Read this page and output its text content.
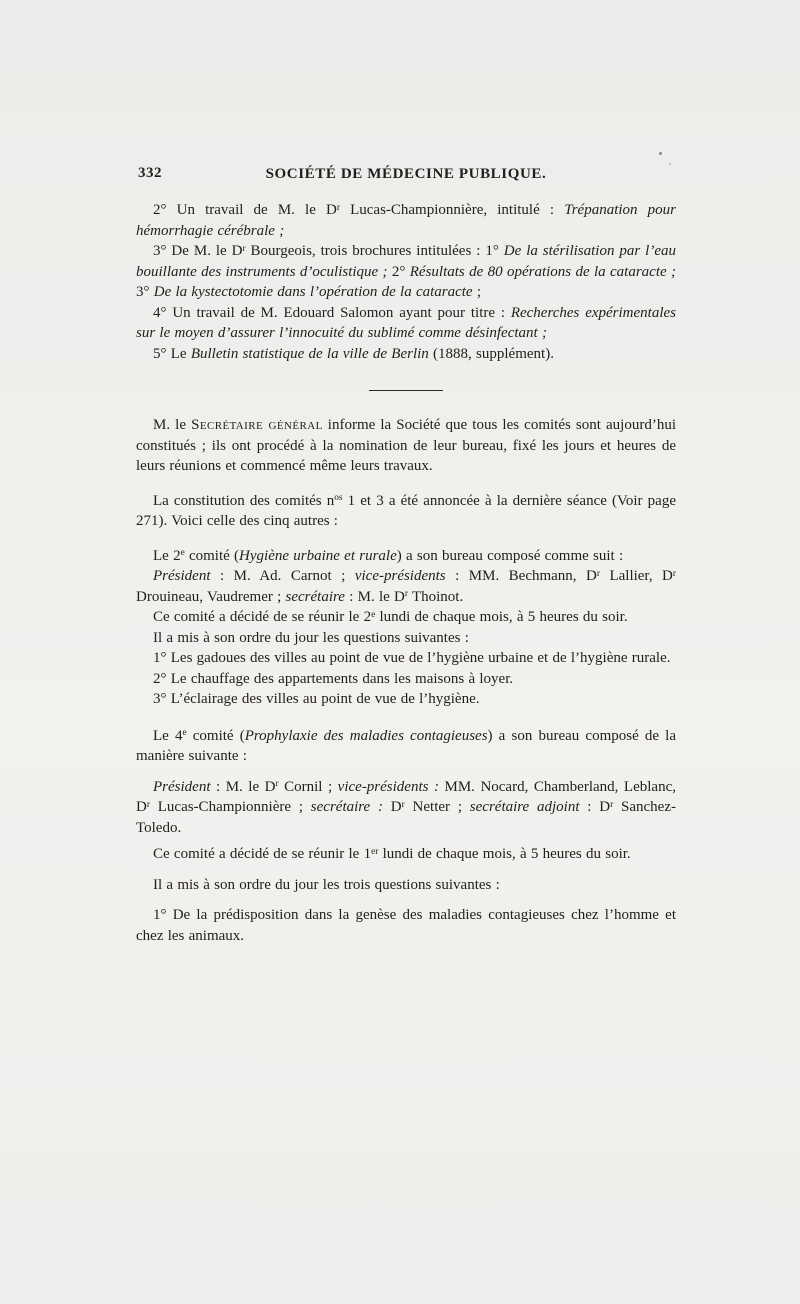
332	SOCIÉTÉ DE MÉDECINE PUBLIQUE.

2° Un travail de M. le $D^r$ Lucas-Championnière, intitulé : Trépanation pour hémorrhagie cérébrale ;

3° De M. le $D^r$ Bourgeois, trois brochures intitulées : 1° De la stérilisation par l’eau bouillante des instruments d’oculistique ; 2° Résultats de 80 opérations de la cataracte ; 3° De la kystectotomie dans l’opération de la cataracte ;

4° Un travail de M. Edouard Salomon ayant pour titre : Recherches expérimentales sur le moyen d’assurer l’innocuité du sublimé comme désinfectant ;

5° Le Bulletin statistique de la ville de Berlin (1888, supplément).

M. le Secrétaire général informe la Société que tous les comités sont aujourd’hui constitués ; ils ont procédé à la nomination de leur bureau, fixé les jours et heures de leurs réunions et commencé même leurs travaux.

La constitution des comités $n^{os}$ 1 et 3 a été annoncée à la dernière séance (Voir page 271). Voici celle des cinq autres :

Le 2e comité (Hygiène urbaine et rurale) a son bureau composé comme suit :

Président : M. Ad. Carnot ; vice-présidents : MM. Bechmann, $D^r$ Lallier, $D^r$ Drouineau, Vaudremer ; secrétaire : M. le $D^r$ Thoinot.

Ce comité a décidé de se réunir le 2e lundi de chaque mois, à 5 heures du soir.

Il a mis à son ordre du jour les questions suivantes :

1° Les gadoues des villes au point de vue de l’hygiène urbaine et de l’hygiène rurale.

2° Le chauffage des appartements dans les maisons à loyer.

3° L’éclairage des villes au point de vue de l’hygiène.

Le 4e comité (Prophylaxie des maladies contagieuses) a son bureau composé de la manière suivante :

Président : M. le $D^r$ Cornil ; vice-présidents : MM. Nocard, Chamberland, Leblanc, $D^r$ Lucas-Championnière ; secrétaire : $D^r$ Netter ; secrétaire adjoint : $D^r$ Sanchez-Toledo.

Ce comité a décidé de se réunir le 1er lundi de chaque mois, à 5 heures du soir.

Il a mis à son ordre du jour les trois questions suivantes :

1° De la prédisposition dans la genèse des maladies contagieuses chez l’homme et chez les animaux.
